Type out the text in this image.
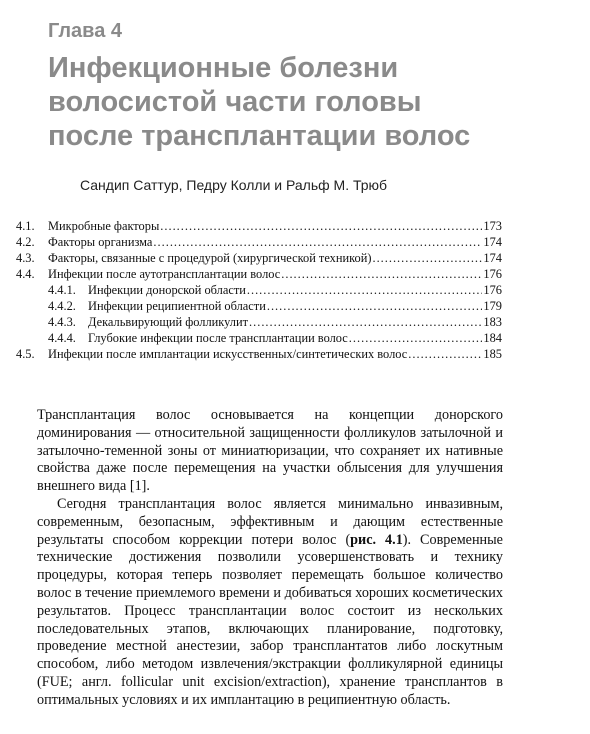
Глава 4
Инфекционные болезни
волосистой части головы
после трансплантации волос
Сандип Саттур, Педру Колли и Ральф М. Трюб
4.1.	Микробные факторы .....	173
4.2.	Факторы организма .....	174
4.3.	Факторы, связанные с процедурой (хирургической техникой) .....	174
4.4.	Инфекции после аутотрансплантации волос .....	176
4.4.1. Инфекции донорской области .....	176
4.4.2. Инфекции реципиентной области .....	179
4.4.3. Декальвирующий фолликулит .....	183
4.4.4. Глубокие инфекции после трансплантации волос .....	184
4.5.	Инфекции после имплантации искусственных/синтетических волос .....	185

Трансплантация волос основывается на концепции донорского доминирования — относительной защищенности фолликулов затылочной и затылочно-теменной зоны от миниатюризации, что сохраняет их нативные свойства даже после перемещения на участки облысения для улучшения внешнего вида [1].

Сегодня трансплантация волос является минимально инвазивным, современным, безопасным, эффективным и дающим естественные результаты способом коррекции потери волос (рис. 4.1). Современные технические достижения позволили усовершенствовать и технику процедуры, которая теперь позволяет перемещать большое количество волос в течение приемлемого времени и добиваться хороших косметических результатов. Процесс трансплантации волос состоит из нескольких последовательных этапов, включающих планирование, подготовку, проведение местной анестезии, забор трансплантатов либо лоскутным способом, либо методом извлечения/экстракции фолликулярной единицы (FUE; англ. follicular unit excision/extraction), хранение трансплантов в оптимальных условиях и их имплантацию в реципиентную область.
